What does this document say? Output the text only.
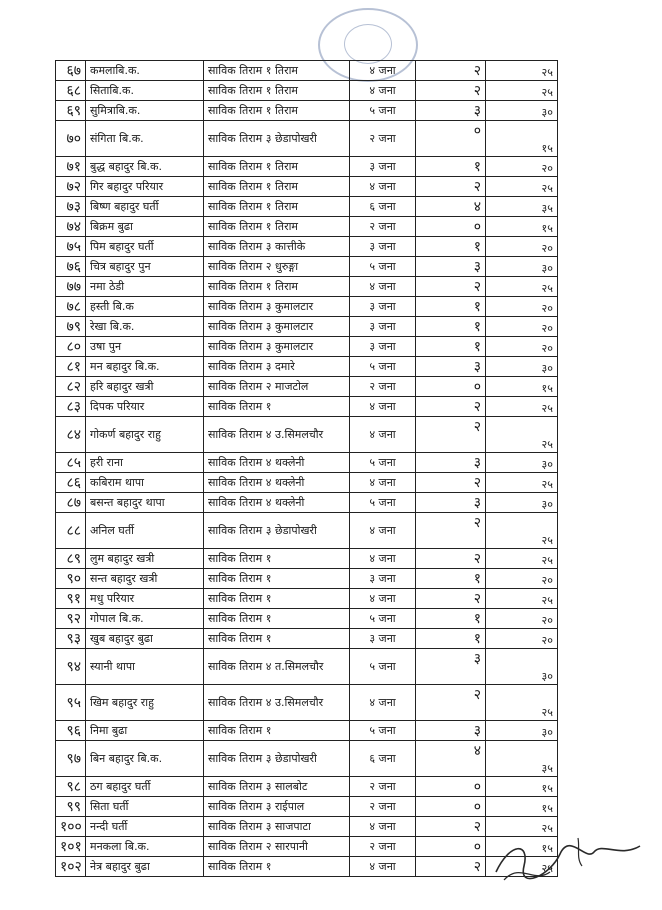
६७	कमलाबि.क.	साविक तिराम १ तिराम	४ जना	२	२५
६८	सिताबि.क.	साविक तिराम १ तिराम	४ जना	२	२५
६९	सुमित्राबि.क.	साविक तिराम १ तिराम	५ जना	३	३०
७०	संगिता बि.क.	साविक तिराम ३ छेडापोखरी	२ जना	०	१५
७१	बुद्ध बहादुर बि.क.	साविक तिराम १ तिराम	३ जना	१	२०
७२	गिर बहादुर परियार	साविक तिराम १ तिराम	४ जना	२	२५
७३	बिष्ण बहादुर घर्ती	साविक तिराम १ तिराम	६ जना	४	३५
७४	बिक्रम बुढा	साविक तिराम १ तिराम	२ जना	०	१५
७५	पिम बहादुर घर्ती	साविक तिराम ३ कात्तीके	३ जना	१	२०
७६	चित्र बहादुर पुन	साविक तिराम २ धुरुङ्गा	५ जना	३	३०
७७	नमा ठेडी	साविक तिराम १ तिराम	४ जना	२	२५
७८	हस्ती बि.क	साविक तिराम ३ कुमालटार	३ जना	१	२०
७९	रेखा बि.क.	साविक तिराम ३ कुमालटार	३ जना	१	२०
८०	उषा पुन	साविक तिराम ३ कुमालटार	३ जना	१	२०
८१	मन बहादुर बि.क.	साविक तिराम ३ दमारे	५ जना	३	३०
८२	हरि बहादुर खत्री	साविक तिराम २ माजटोल	२ जना	०	१५
८३	दिपक परियार	साविक तिराम १	४ जना	२	२५
८४	गोकर्ण बहादुर राहु	साविक तिराम ४ उ.सिमलचौर	४ जना	२	२५
८५	हरी राना	साविक तिराम ४ थक्लेनी	५ जना	३	३०
८६	कबिराम थापा	साविक तिराम ४ थक्लेनी	४ जना	२	२५
८७	बसन्त बहादुर थापा	साविक तिराम ४ थक्लेनी	५ जना	३	३०
८८	अनिल घर्ती	साविक तिराम ३ छेडापोखरी	४ जना	२	२५
८९	लुम बहादुर खत्री	साविक तिराम १	४ जना	२	२५
९०	सन्त बहादुर खत्री	साविक तिराम १	३ जना	१	२०
९१	मधु परियार	साविक तिराम १	४ जना	२	२५
९२	गोपाल बि.क.	साविक तिराम १	५ जना	१	२०
९३	खुब बहादुर बुढा	साविक तिराम १	३ जना	१	२०
९४	स्यानी थापा	साविक तिराम ४ त.सिमलचौर	५ जना	३	३०
९५	खिम बहादुर राहु	साविक तिराम ४ उ.सिमलचौर	४ जना	२	२५
९६	निमा बुढा	साविक तिराम १	५ जना	३	३०
९७	बिन बहादुर बि.क.	साविक तिराम ३ छेडापोखरी	६ जना	४	३५
९८	ठग बहादुर घर्ती	साविक तिराम ३ सालबोट	२ जना	०	१५
९९	सिता घर्ती	साविक तिराम ३ राईपाल	२ जना	०	१५
१००	नन्दी घर्ती	साविक तिराम ३ साजपाटा	४ जना	२	२५
१०१	मनकला बि.क.	साविक तिराम २ सारपानी	२ जना	०	१५
१०२	नेत्र बहादुर बुढा	साविक तिराम १	४ जना	२	२५
